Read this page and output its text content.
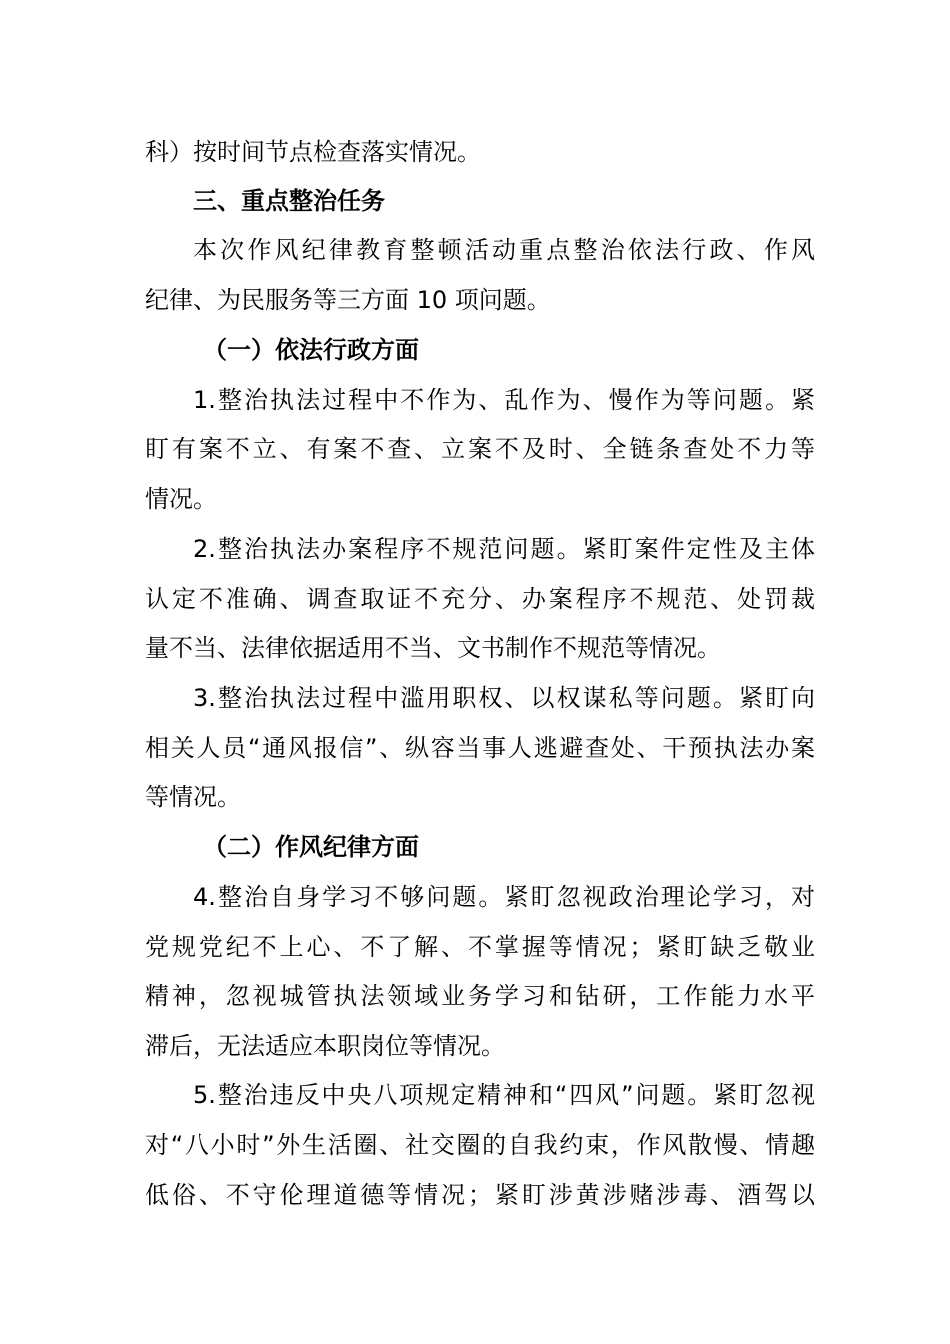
科）按时间节点检查落实情况。
三、重点整治任务
本次作风纪律教育整顿活动重点整治依法行政、作风
纪律、为民服务等三方面 10 项问题。
（一）依法行政方面
1.整治执法过程中不作为、乱作为、慢作为等问题。紧
盯有案不立、有案不查、立案不及时、全链条查处不力等
情况。
2.整治执法办案程序不规范问题。紧盯案件定性及主体
认定不准确、调查取证不充分、办案程序不规范、处罚裁
量不当、法律依据适用不当、文书制作不规范等情况。
3.整治执法过程中滥用职权、以权谋私等问题。紧盯向
相关人员“通风报信”、纵容当事人逃避查处、干预执法办案
等情况。
（二）作风纪律方面
4.整治自身学习不够问题。紧盯忽视政治理论学习，对
党规党纪不上心、不了解、不掌握等情况；紧盯缺乏敬业
精神，忽视城管执法领域业务学习和钻研，工作能力水平
滞后，无法适应本职岗位等情况。
5.整治违反中央八项规定精神和“四风”问题。紧盯忽视
对“八小时”外生活圈、社交圈的自我约束，作风散慢、情趣
低俗、不守伦理道德等情况；紧盯涉黄涉赌涉毒、酒驾以
